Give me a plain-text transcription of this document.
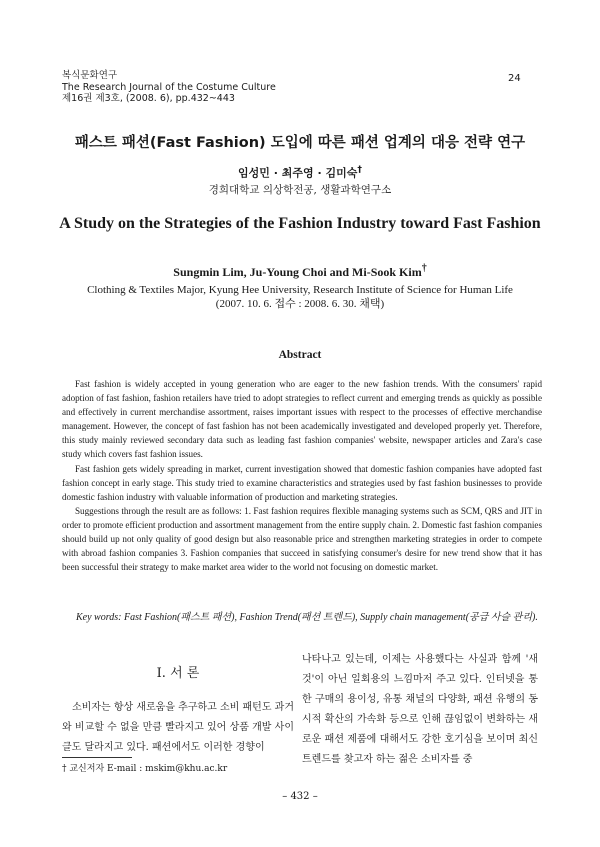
복식문화연구
The Research Journal of the Costume Culture
제16권 제3호, (2008. 6), pp.432~443
24
패스트 패션(Fast Fashion) 도입에 따른 패션 업계의 대응 전략 연구
임성민 · 최주영 · 김미숙†
경희대학교 의상학전공, 생활과학연구소
A Study on the Strategies of the Fashion Industry toward Fast Fashion
Sungmin Lim, Ju-Young Choi and Mi-Sook Kim†
Clothing & Textiles Major, Kyung Hee University, Research Institute of Science for Human Life
(2007. 10. 6. 접수 : 2008. 6. 30. 채택)
Abstract

Fast fashion is widely accepted in young generation who are eager to the new fashion trends. With the consumers' rapid adoption of fast fashion, fashion retailers have tried to adopt strategies to reflect current and emerging trends as quickly as possible and effectively in current merchandise assortment, raises important issues with respect to the processes of effective merchandise management. However, the concept of fast fashion has not been academically investigated and developed properly yet. Therefore, this study mainly reviewed secondary data such as leading fast fashion companies' website, newspaper articles and Zara's case study which covers fast fashion issues.

Fast fashion gets widely spreading in market, current investigation showed that domestic fashion companies have adopted fast fashion concept in early stage. This study tried to examine characteristics and strategies used by fast fashion businesses to provide domestic fashion industry with valuable information of production and marketing strategies.

Suggestions through the result are as follows: 1. Fast fashion requires flexible managing systems such as SCM, QRS and JIT in order to promote efficient production and assortment management from the entire supply chain. 2. Domestic fast fashion companies should build up not only quality of good design but also reasonable price and strengthen marketing strategies in order to compete with abroad fashion companies 3. Fashion companies that succeed in satisfying consumer's desire for new trend show that it has been successful their strategy to make market area wider to the world not focusing on domestic market.

Key words: Fast Fashion(패스트 패션), Fashion Trend(패션 트렌드), Supply chain management(공급 사슬 관리).
Ⅰ. 서 론

소비자는 항상 새로움을 추구하고 소비 패턴도 과거와 비교할 수 없을 만큼 빨라지고 있어 상품 개발 사이클도 달라지고 있다. 패션에서도 이러한 경향이

나타나고 있는데, 이제는 사용했다는 사실과 함께 '새것'이 아닌 일회용의 느낌마저 주고 있다. 인터넷을 통한 구매의 용이성, 유통 채널의 다양화, 패션 유행의 동시적 확산의 가속화 등으로 인해 끊임없이 변화하는 새로운 패션 제품에 대해서도 강한 호기심을 보이며 최신 트렌드를 찾고자 하는 젊은 소비자를 중

† 교신저자 E-mail : mskim@khu.ac.kr
– 432 –
